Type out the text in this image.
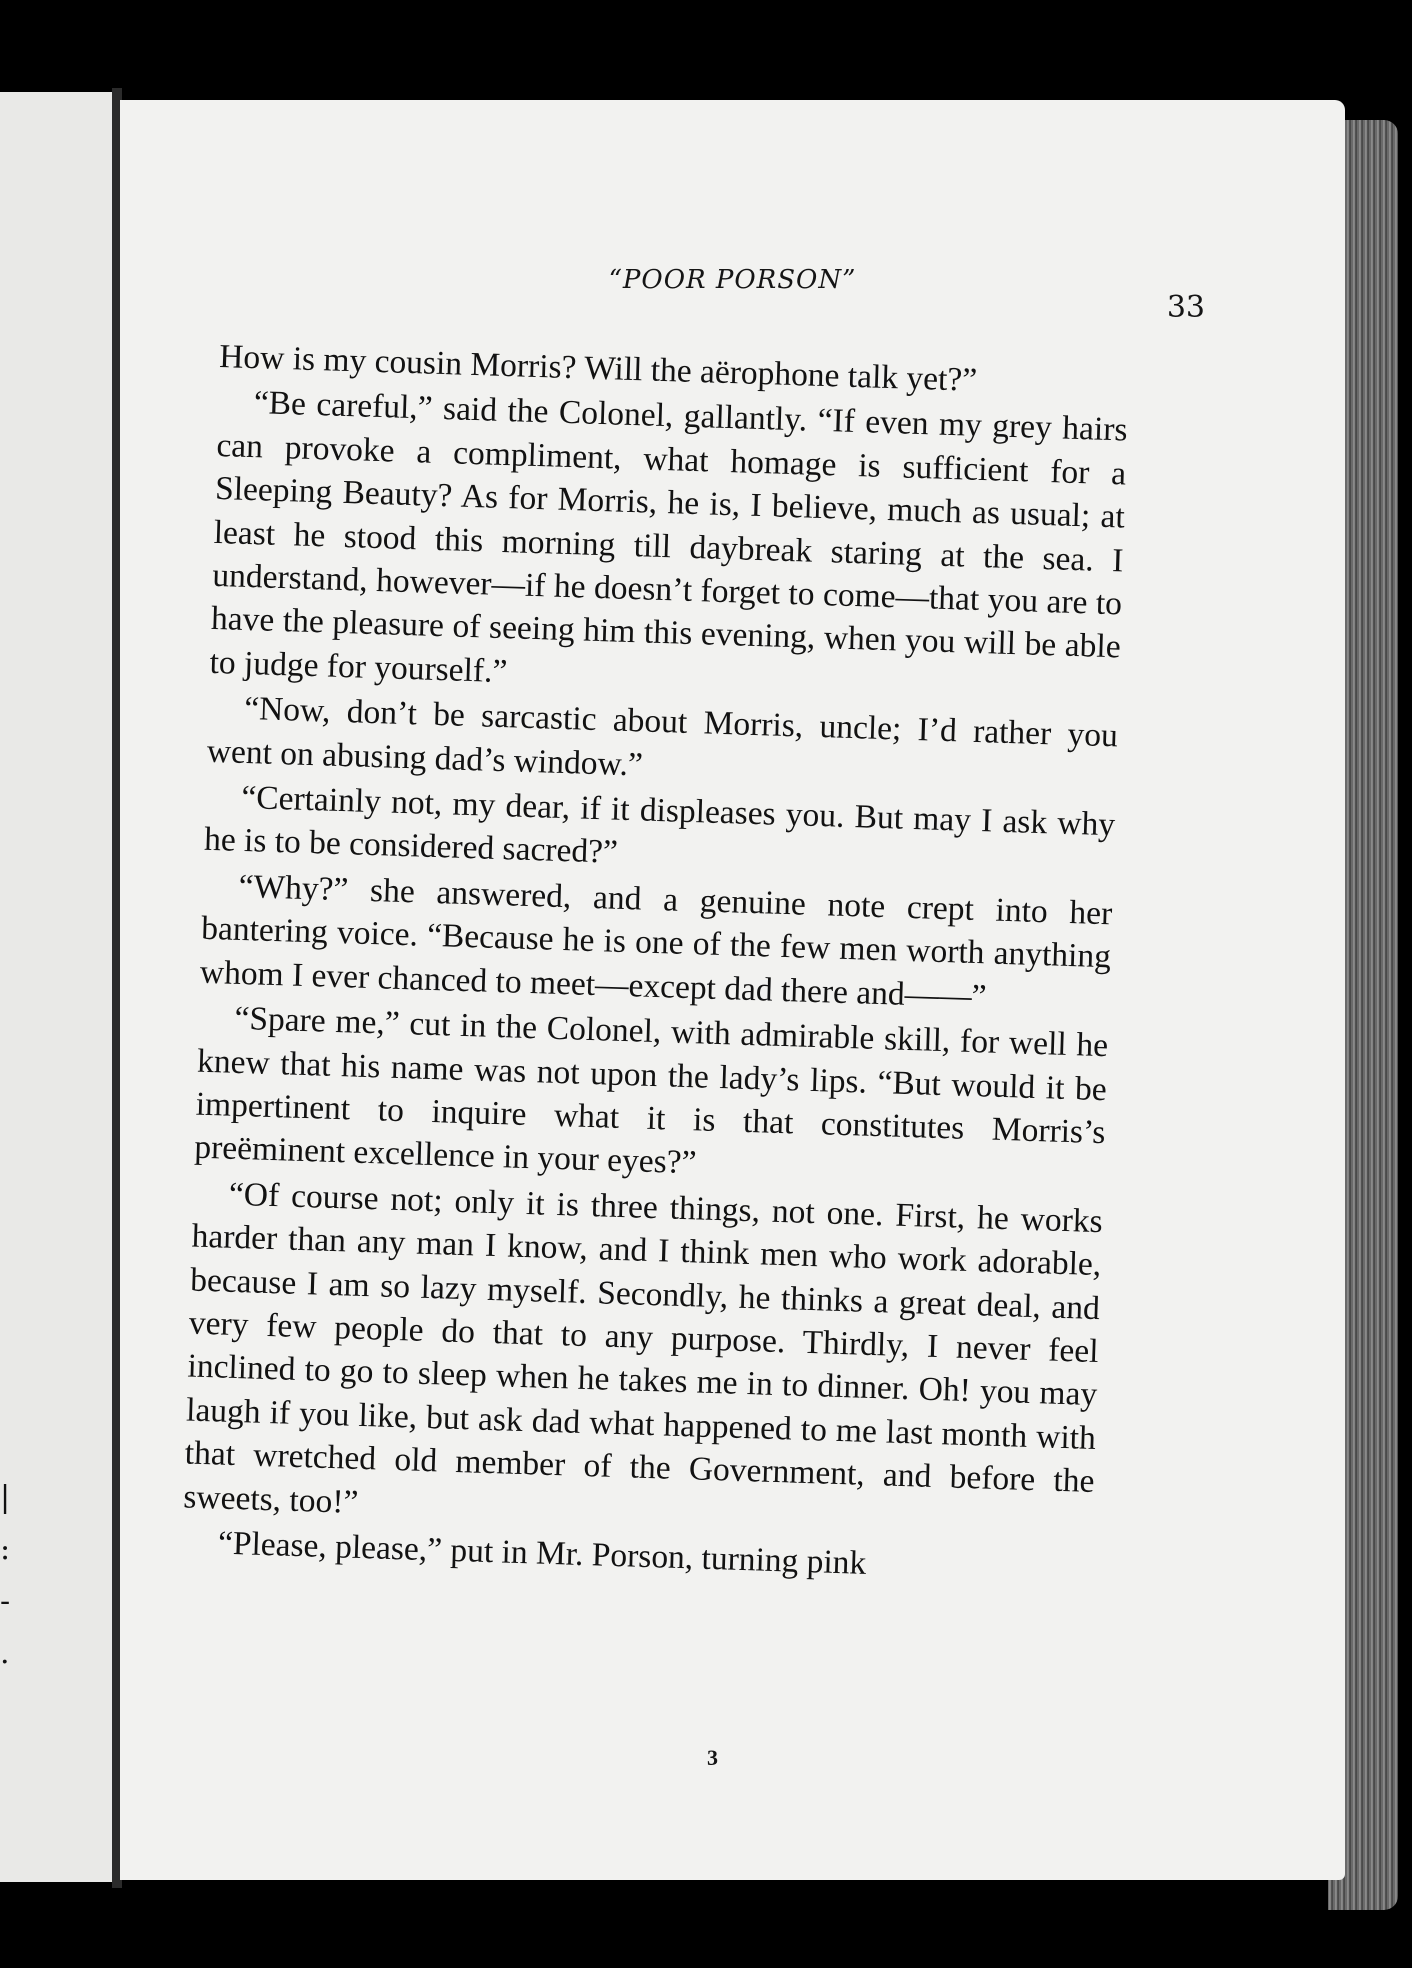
|
:
-
.
“POOR PORSON”
33

How is my cousin Morris? Will the aërophone talk yet?”

“Be careful,” said the Colonel, gallantly. “If even my grey hairs can provoke a compliment, what homage is sufficient for a Sleeping Beauty? As for Morris, he is, I believe, much as usual; at least he stood this morning till daybreak staring at the sea. I understand, however—if he doesn’t forget to come—that you are to have the pleasure of seeing him this evening, when you will be able to judge for yourself.”

“Now, don’t be sarcastic about Morris, uncle; I’d rather you went on abusing dad’s window.”

“Certainly not, my dear, if it displeases you. But may I ask why he is to be considered sacred?”

“Why?” she answered, and a genuine note crept into her bantering voice. “Because he is one of the few men worth anything whom I ever chanced to meet—except dad there and——”

“Spare me,” cut in the Colonel, with admirable skill, for well he knew that his name was not upon the lady’s lips. “But would it be impertinent to inquire what it is that constitutes Morris’s preëminent excellence in your eyes?”

“Of course not; only it is three things, not one. First, he works harder than any man I know, and I think men who work adorable, because I am so lazy myself. Secondly, he thinks a great deal, and very few people do that to any purpose. Thirdly, I never feel inclined to go to sleep when he takes me in to dinner. Oh! you may laugh if you like, but ask dad what happened to me last month with that wretched old member of the Government, and before the sweets, too!”

“Please, please,” put in Mr. Porson, turning pink

3
